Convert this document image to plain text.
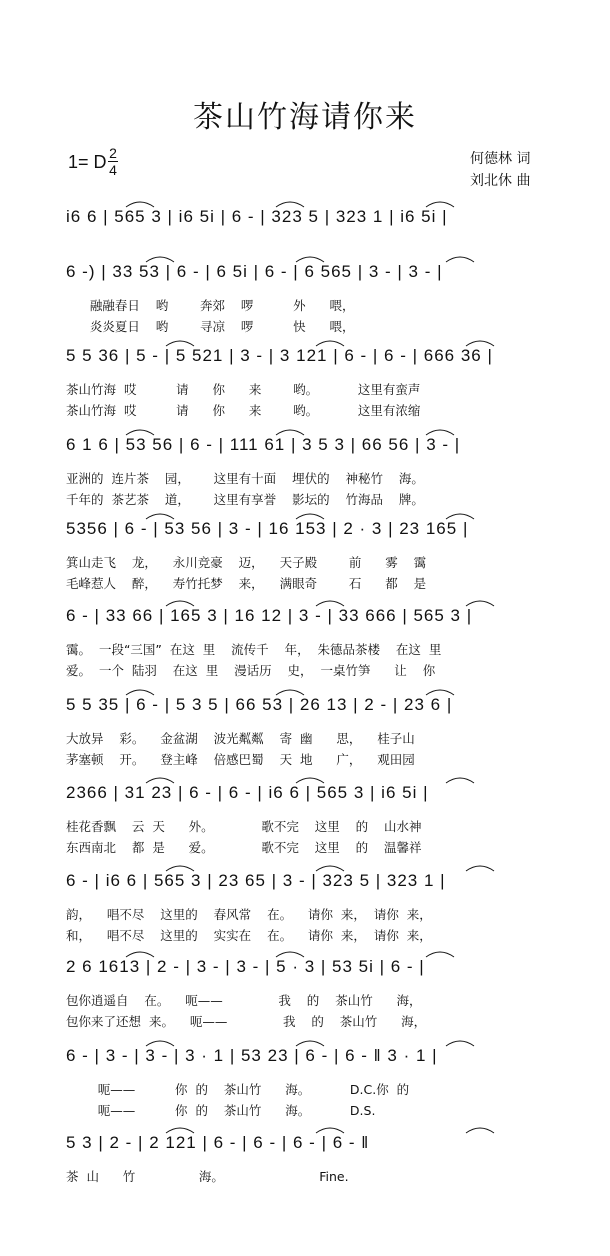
茶山竹海请你来
1= D 2
4
何德林 词
刘北休 曲
i6 6 | 565 3 | i6 5i | 6 - | 323 5 | 323 1 | i6 5i |
6 -) | 33 53 | 6 - | 6 5i | 6 - | 6 565 | 3 - | 3 - |
融融春日    哟        奔郊    啰          外      喂，
炎炎夏日    哟        寻凉    啰          快      喂，
5 5 36 | 5 - | 5 521 | 3 - | 3 121 | 6 - | 6 - | 666 36 |
茶山竹海  哎          请      你      来        哟。          这里有蛮声
茶山竹海  哎          请      你      来        哟。          这里有浓缩
6 1 6 | 53 56 | 6 - | 111 61 | 3 5 3 | 66 56 | 3 - |
亚洲的  连片茶    园，      这里有十面    埋伏的    神秘竹    海。
千年的  茶艺茶    道，      这里有享誉    影坛的    竹海品    牌。
5356 | 6 - | 53 56 | 3 - | 16 153 | 2 · 3 | 23 165 |
箕山走飞    龙，    永川竞豪    迈，    天子殿        前      雾    霭
毛峰惹人    醉，    寿竹托梦    来，    满眼奇        石      都    是
6 - | 33 66 | 165 3 | 16 12 | 3 - | 33 666 | 565 3 |
霭。  一段“三国”  在这  里    流传千    年，  朱德品茶楼    在这  里
爱。  一个  陆羽    在这  里    漫话历    史，  一桌竹笋      让    你
5 5 35 | 6 - | 5 3 5 | 66 53 | 26 13 | 2 - | 23 6 |
大放异    彩。    金盆湖    波光粼粼    寄  幽      思，    桂子山
茅塞顿    开。    登主峰    倍感巴蜀    天  地      广，    观田园
2366 | 31 23 | 6 - | 6 - | i6 6 | 565 3 | i6 5i |
桂花香飘    云  天      外。            歌不完    这里    的    山水神
东西南北    都  是      爱。            歌不完    这里    的    温馨祥
6 - | i6 6 | 565 3 | 23 65 | 3 - | 323 5 | 323 1 |
韵，    唱不尽    这里的    春风常    在。    请你  来，  请你  来，
和，    唱不尽    这里的    实实在    在。    请你  来，  请你  来，
2 6 1613 | 2 - | 3 - | 3 - | 5 · 3 | 53 5i | 6 - |
包你逍遥自    在。    呃——              我    的    茶山竹      海，
包你来了还想  来。    呃——              我    的    茶山竹      海，
6 - | 3 - | 3 - | 3 · 1 | 53 23 | 6 - | 6 - ‖ 3 · 1 |
呃——          你  的    茶山竹      海。          D.C.你  的
呃——          你  的    茶山竹      海。          D.S.
5 3 | 2 - | 2 121 | 6 - | 6 - | 6 - | 6 - ‖
茶  山      竹                海。                        Fine.
